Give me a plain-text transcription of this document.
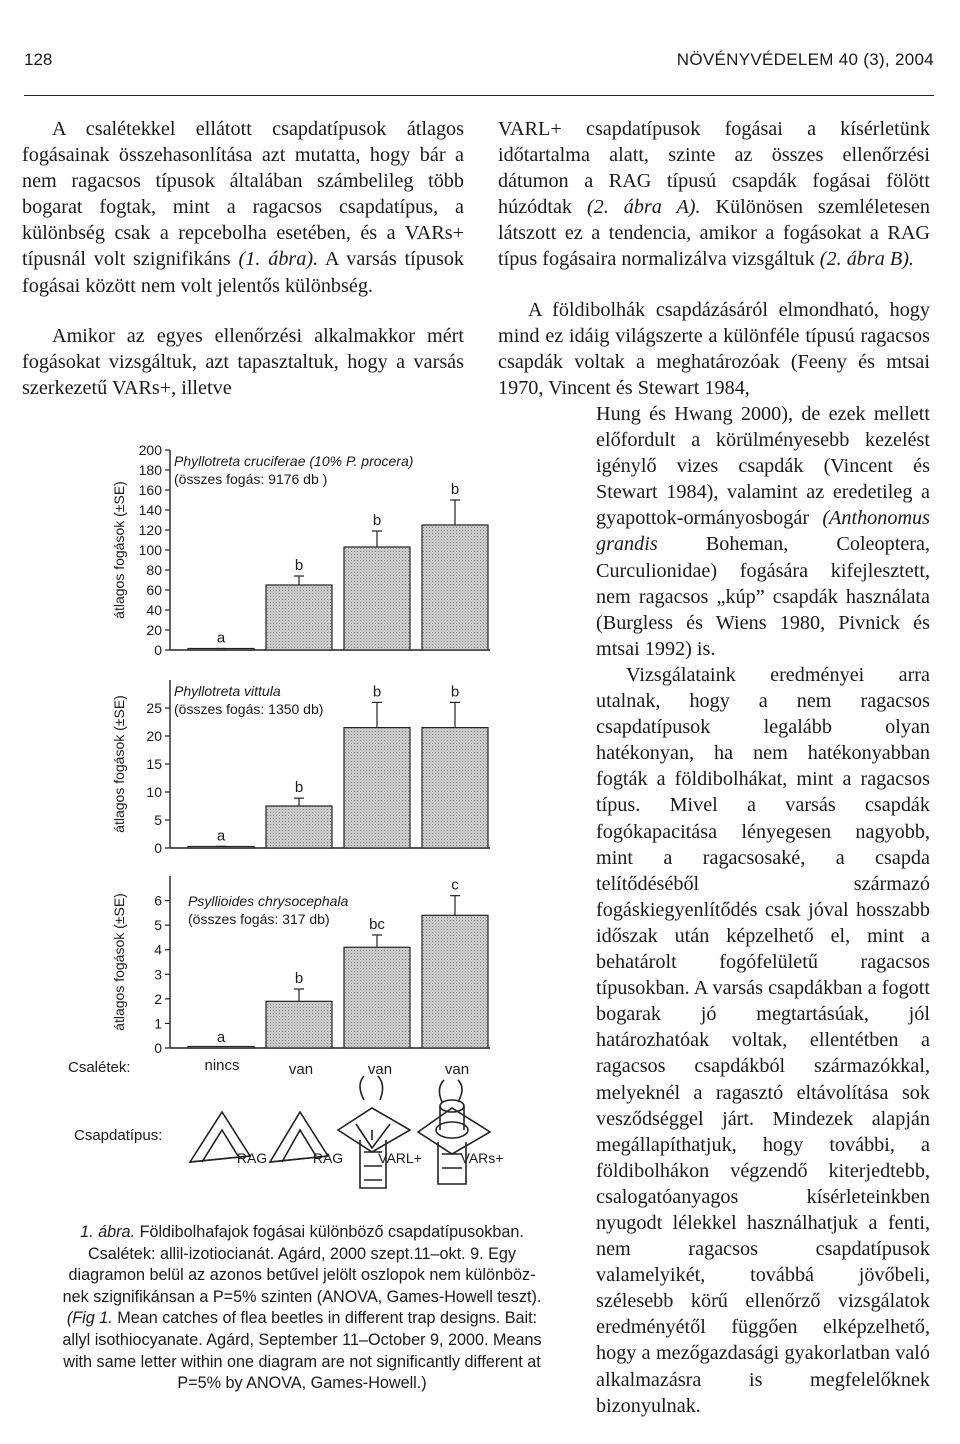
128	NÖVÉNYVÉDELEM 40 (3), 2004

A csalétekkel ellátott csapdatípusok átlagos fogásainak összehasonlítása azt mutatta, hogy bár a nem ragacsos típusok általában számbelileg több bogarat fogtak, mint a ragacsos csapdatípus, a különbség csak a repcebolha esetében, és a VARs+ típusnál volt szignifikáns (1. ábra). A varsás típusok fogásai között nem volt jelentős különbség.

Amikor az egyes ellenőrzési alkalmakkor mért fogásokat vizsgáltuk, azt tapasztaltuk, hogy a varsás szerkezetű VARs+, illetve

VARL+ csapdatípusok fogásai a kísérletünk időtartalma alatt, szinte az összes ellenőrzési dátumon a RAG típusú csapdák fogásai fölött húzódtak (2. ábra A). Különösen szemléletesen látszott ez a tendencia, amikor a fogásokat a RAG típus fogásaira normalizálva vizsgáltuk (2. ábra B).

A földibolhák csapdázásáról elmondható, hogy mind ez idáig világszerte a különféle típusú ragacsos csapdák voltak a meghatározóak (Feeny és mtsai 1970, Vincent és Stewart 1984,

Hung és Hwang 2000), de ezek mellett előfordult a körülményesebb kezelést igénylő vizes csapdák (Vincent és Stewart 1984), valamint az eredetileg a gyapottok-ormányosbogár (Anthonomus grandis Boheman, Coleoptera, Curculionidae) fogására kifejlesztett, nem ragacsos „kúp” csapdák használata (Burgless és Wiens 1980, Pivnick és mtsai 1992) is.

Vizsgálataink eredményei arra utalnak, hogy a nem ragacsos csapdatípusok legalább olyan hatékonyan, ha nem hatékonyabban fogták a földibolhákat, mint a ragacsos típus. Mivel a varsás csapdák fogókapacitása lényegesen nagyobb, mint a ragacsosaké, a csapda telítődéséből származó fogáskiegyenlítődés csak jóval hosszabb időszak után képzelhető el, mint a behatárolt fogófelületű ragacsos típusokban. A varsás csapdákban a fogott bogarak jó megtartásúak, jól határozhatóak voltak, ellentétben a ragacsos csapdákból származókkal, melyeknél a ragasztó eltávolítása sok vesződséggel járt. Mindezek alapján megállapíthatjuk, hogy további, a földibolhákon végzendő kiterjedtebb, csalogatóanyagos kísérleteinkben nyugodt lélekkel használhatjuk a fenti, nem ragacsos csapdatípusok valamelyikét, továbbá jövőbeli, szélesebb körű ellenőrző vizsgálatok eredményétől függően elképzelhető, hogy a mezőgazdasági gyakorlatban való alkalmazásra is megfelelőknek bizonyulnak.

0
20
40
60
80
100
120
140
160
180
200
átlagos fogások (±SE)
Phyllotreta cruciferae (10% P. procera)
(összes fogás: 9176 db )
a
b
b
b
0
5
10
15
20
25
átlagos fogások (±SE)
Phyllotreta vittula
(összes fogás: 1350 db)
a
b
b	b
0
1
2
3
4
5
6
átlagos fogások (±SE)	Psyllioides chrysocephala
(összes fogás: 317 db)
a
b
bc
c
Csalétek:	nincs	van	van	van
Csapdatípus:
RAG	RAG VARL+	VARs+
1. ábra. Földibolhafajok fogásai különböző csapdatípusokban.
Csalétek: allil-izotiocianát. Agárd, 2000 szept.11–okt. 9. Egy
diagramon belül az azonos betűvel jelölt oszlopok nem különböz-
nek szignifikánsan a P=5% szinten (ANOVA, Games-Howell teszt).
(Fig 1. Mean catches of flea beetles in different trap designs. Bait:
allyl isothiocyanate. Agárd, September 11–October 9, 2000. Means
with same letter within one diagram are not significantly different at
P=5% by ANOVA, Games-Howell.)
